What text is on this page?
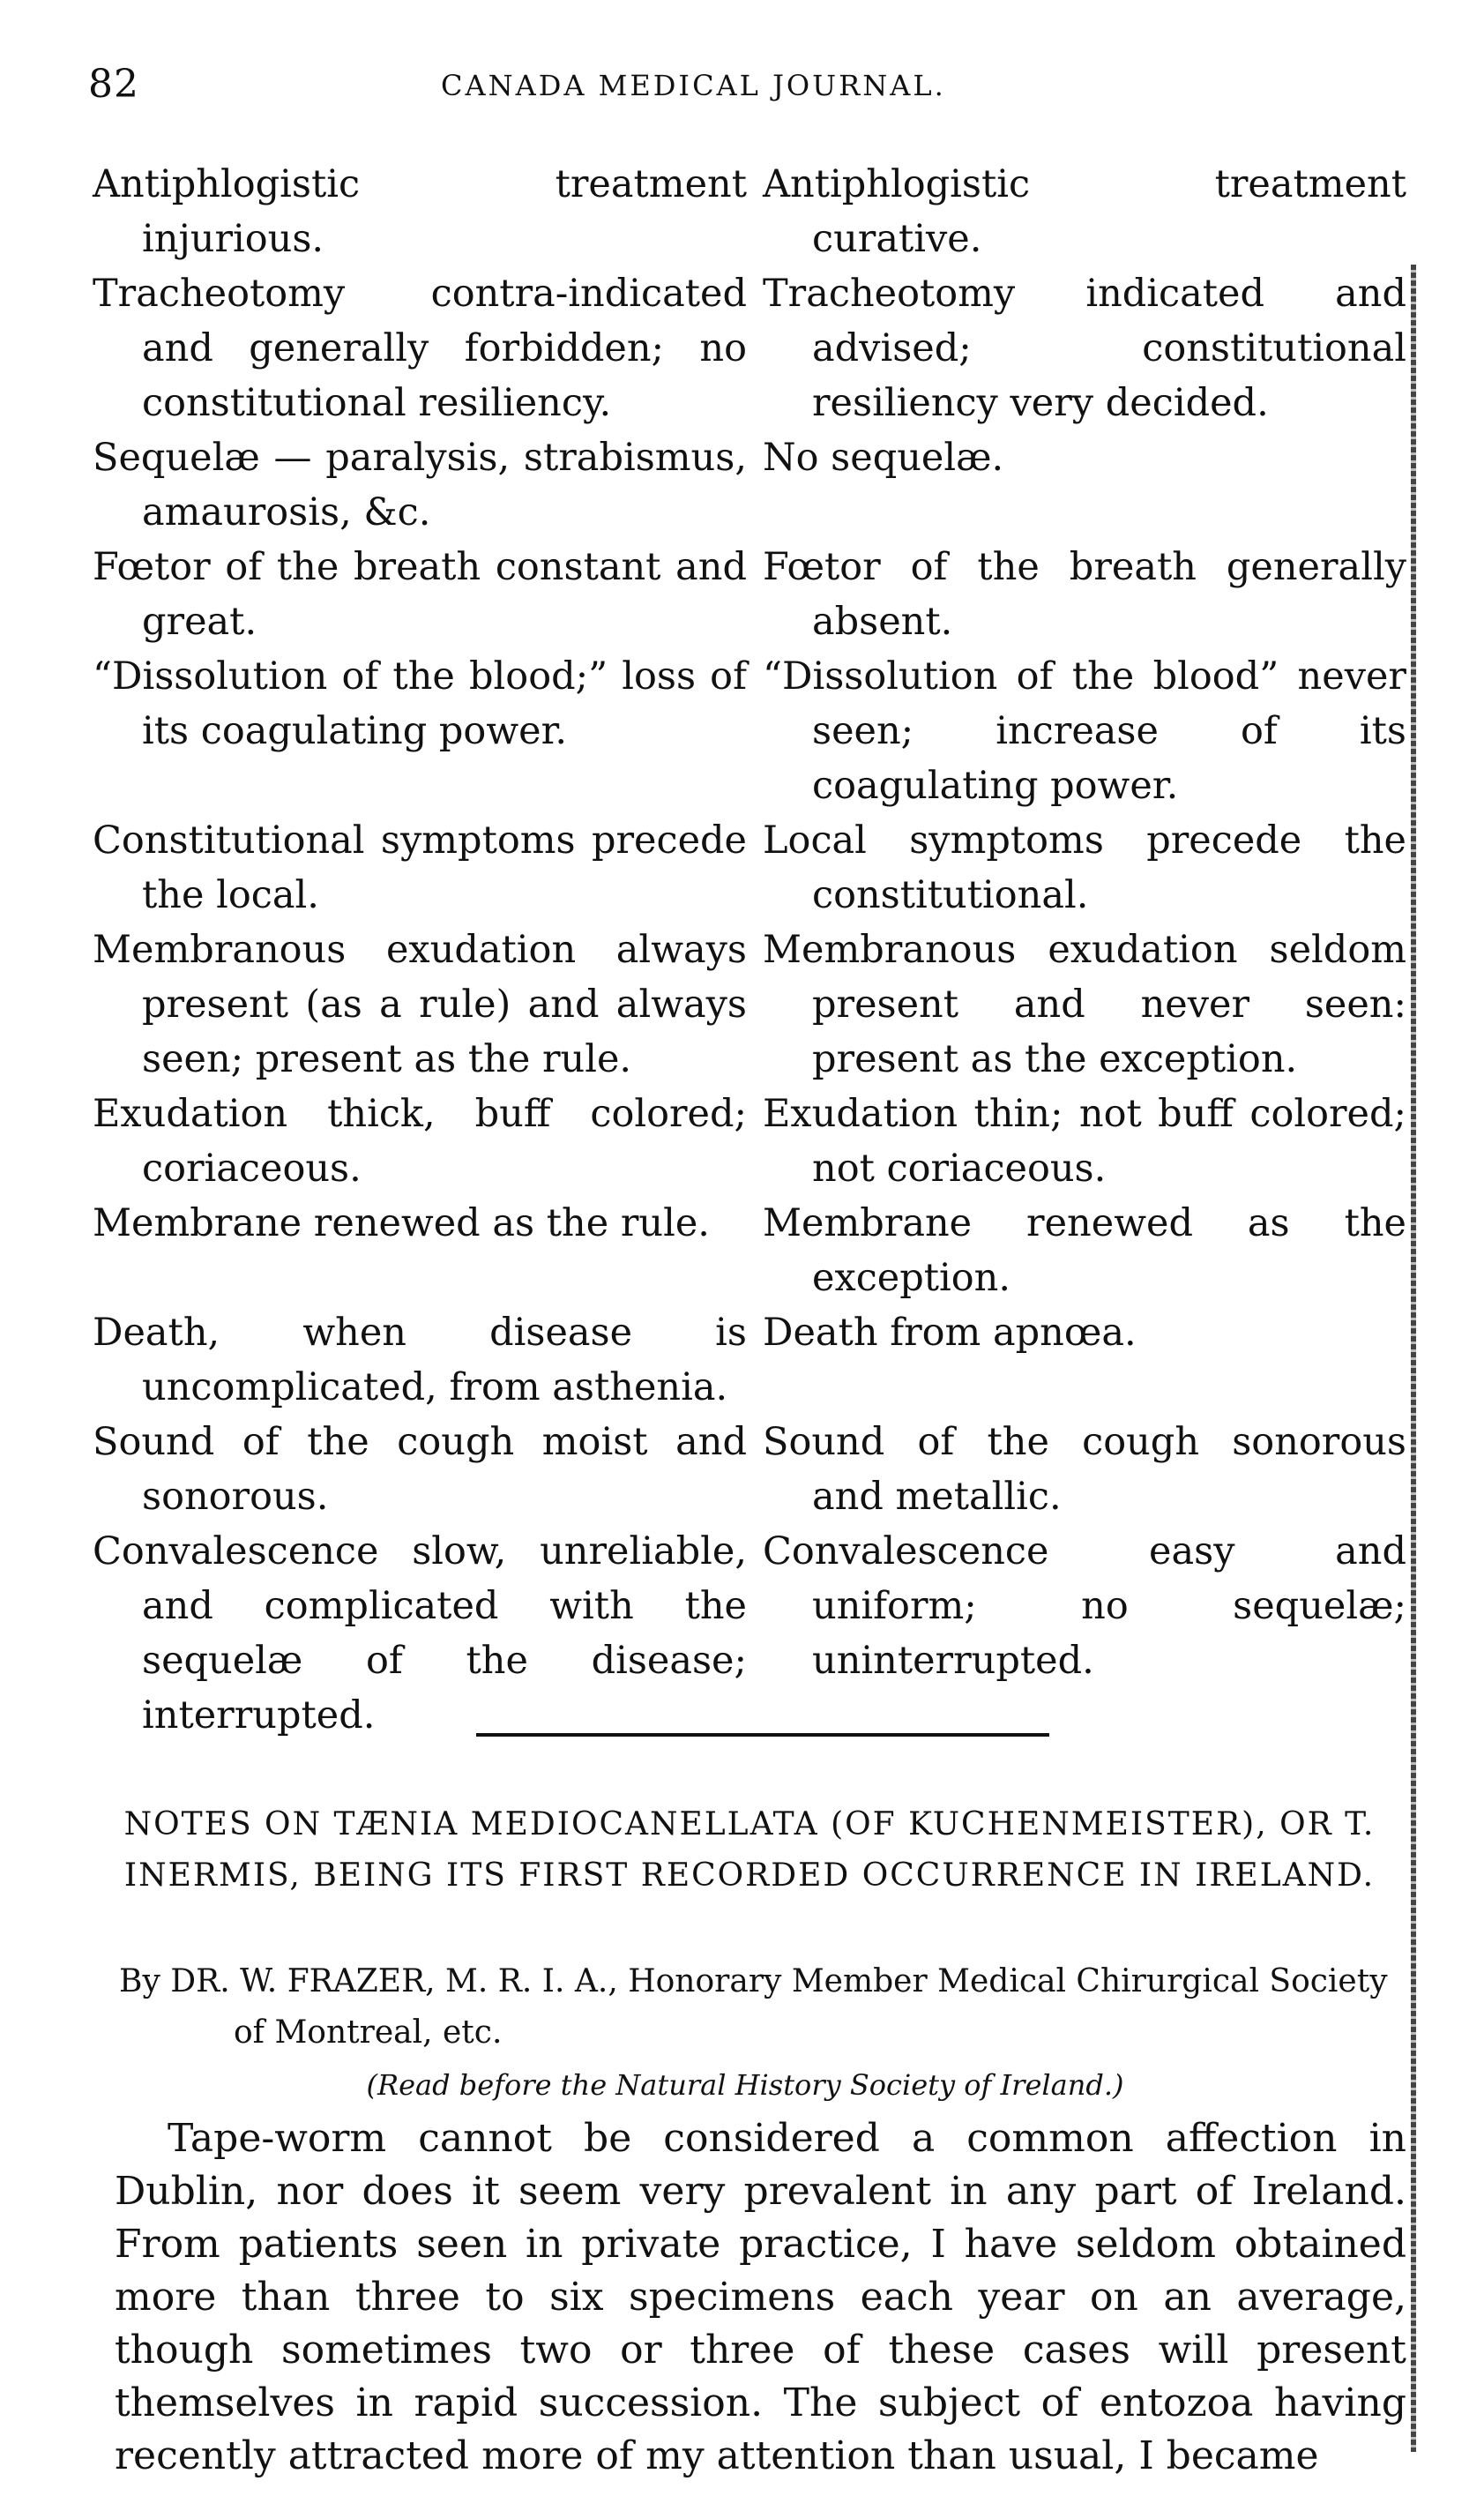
82	CANADA MEDICAL JOURNAL.
Antiphlogistic treatment injurious.
Antiphlogistic treatment curative.
Tracheotomy contra-indicated and generally forbidden; no constitutional resiliency.
Tracheotomy indicated and advised; constitutional resiliency very decided.
Sequelæ — paralysis, strabismus, amaurosis, &c.
No sequelæ.
Fœtor of the breath constant and great.
Fœtor of the breath generally absent.
“Dissolution of the blood;” loss of its coagulating power.
“Dissolution of the blood” never seen; increase of its coagulating power.
Constitutional symptoms precede the local.
Local symptoms precede the constitutional.
Membranous exudation always present (as a rule) and always seen; present as the rule.
Membranous exudation seldom present and never seen: present as the exception.
Exudation thick, buff colored; coriaceous.
Exudation thin; not buff colored; not coriaceous.
Membrane renewed as the rule.	Membrane renewed as the exception.
Death, when disease is uncomplicated, from asthenia.
Death from apnœa.
Sound of the cough moist and sonorous.
Sound of the cough sonorous and metallic.
Convalescence slow, unreliable, and complicated with the sequelæ of the disease; interrupted.
Convalescence easy and uniform; no sequelæ; uninterrupted.
NOTES ON TÆNIA MEDIOCANELLATA (OF KUCHENMEISTER), OR T. INERMIS, BEING ITS FIRST RECORDED OCCURRENCE IN IRELAND.
By DR. W. FRAZER, M. R. I. A., Honorary Member Medical Chirurgical Society
of Montreal, etc.
(Read before the Natural History Society of Ireland.)
Tape-worm cannot be considered a common affection in Dublin, nor does it seem very prevalent in any part of Ireland. From patients seen in private practice, I have seldom obtained more than three to six specimens each year on an average, though sometimes two or three of these cases will present themselves in rapid succession. The subject of entozoa having recently attracted more of my attention than usual, I became
